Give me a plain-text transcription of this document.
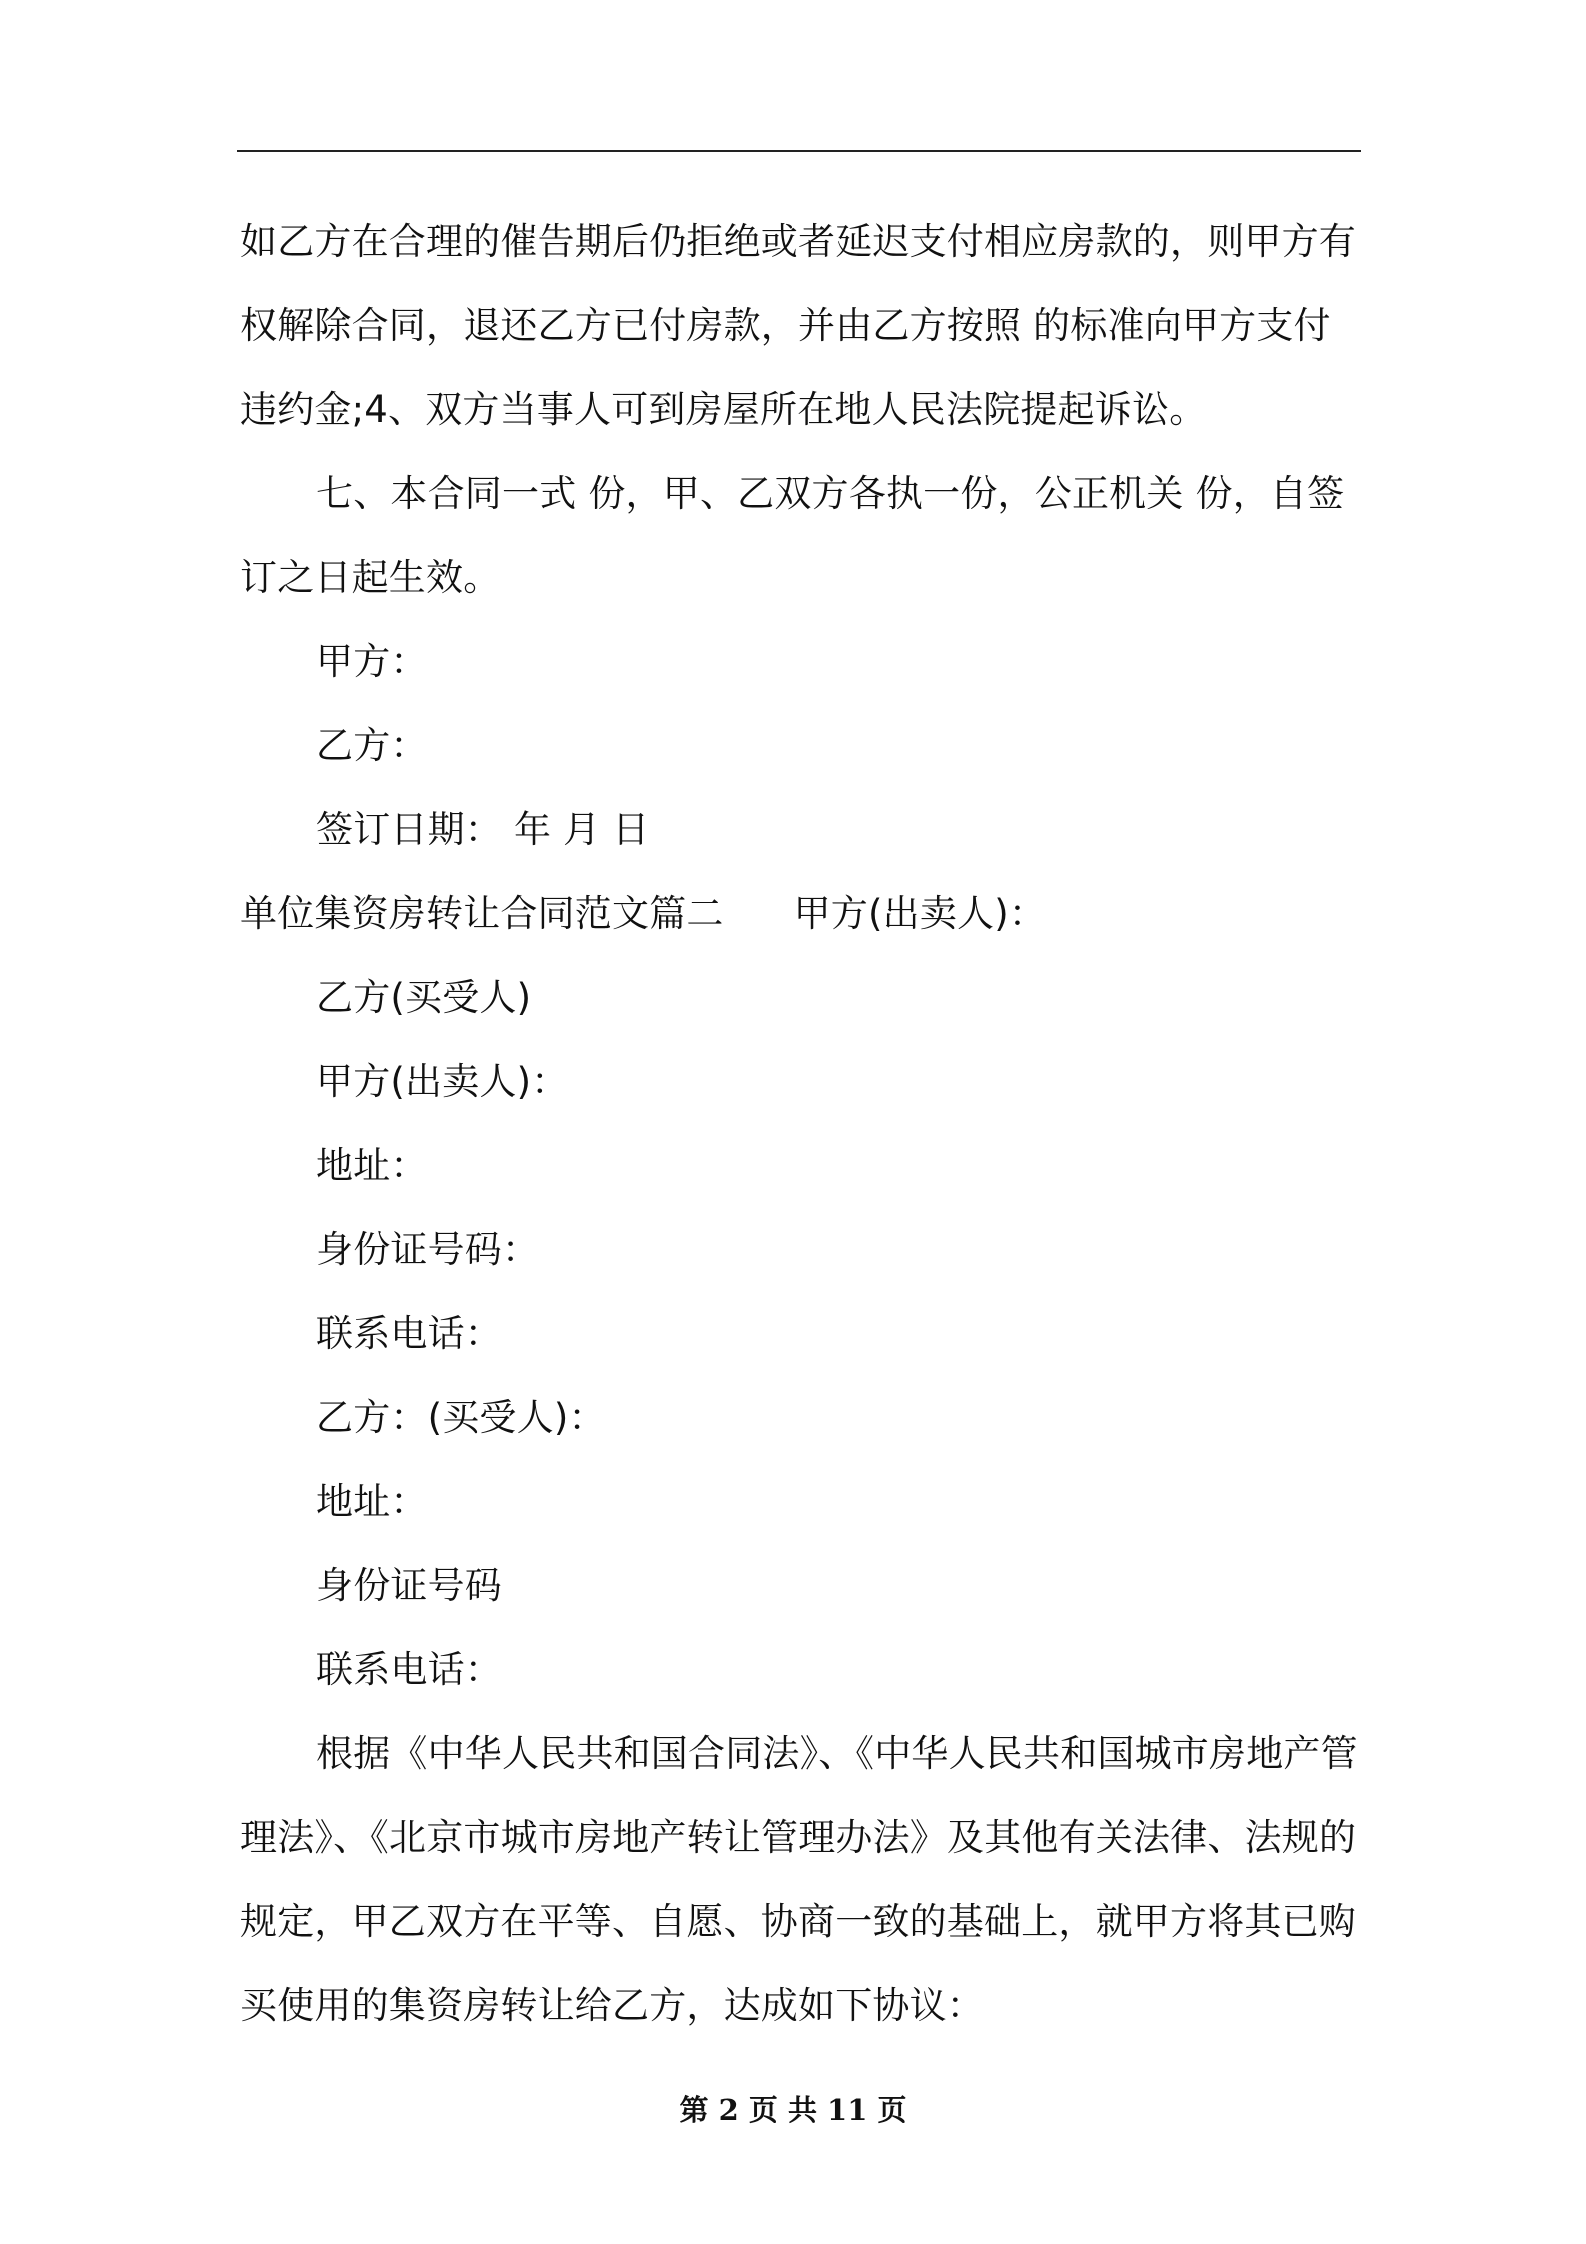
如乙方在合理的催告期后仍拒绝或者延迟支付相应房款的，则甲方有
权解除合同，退还乙方已付房款，并由乙方按照 的标准向甲方支付
违约金;4、双方当事人可到房屋所在地人民法院提起诉讼。
七、本合同一式 份，甲、乙双方各执一份，公正机关 份，自签
订之日起生效。
甲方：
乙方：
签订日期： 年 月 日
单位集资房转让合同范文篇二 甲方(出卖人)：
乙方(买受人)
甲方(出卖人)：
地址：
身份证号码：
联系电话：
乙方：(买受人)：
地址：
身份证号码
联系电话：
根据《中华人民共和国合同法》、《中华人民共和国城市房地产管
理法》、《北京市城市房地产转让管理办法》及其他有关法律、法规的
规定，甲乙双方在平等、自愿、协商一致的基础上，就甲方将其已购
买使用的集资房转让给乙方，达成如下协议：
第 2 页 共 11 页
